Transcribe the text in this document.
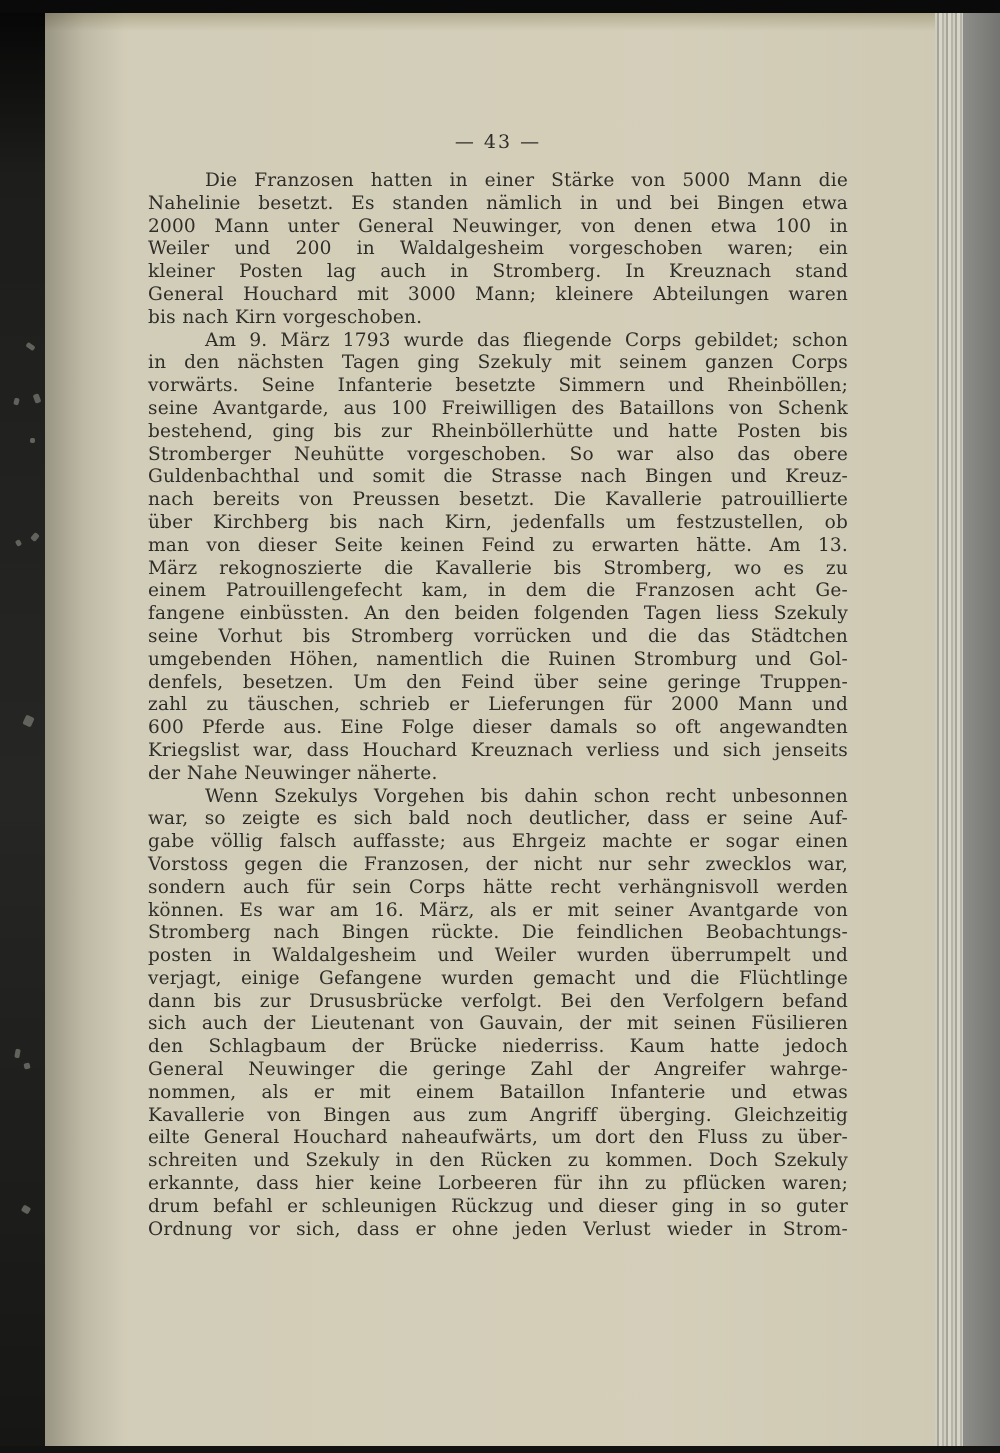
— 43 —
Die Franzosen hatten in einer Stärke von 5000 Mann die
Nahelinie besetzt. Es standen nämlich in und bei Bingen etwa
2000 Mann unter General Neuwinger, von denen etwa 100 in
Weiler und 200 in Waldalgesheim vorgeschoben waren; ein
kleiner Posten lag auch in Stromberg. In Kreuznach stand
General Houchard mit 3000 Mann; kleinere Abteilungen waren
bis nach Kirn vorgeschoben.
Am 9. März 1793 wurde das fliegende Corps gebildet; schon
in den nächsten Tagen ging Szekuly mit seinem ganzen Corps
vorwärts. Seine Infanterie besetzte Simmern und Rheinböllen;
seine Avantgarde, aus 100 Freiwilligen des Bataillons von Schenk
bestehend, ging bis zur Rheinböllerhütte und hatte Posten bis
Stromberger Neuhütte vorgeschoben. So war also das obere
Guldenbachthal und somit die Strasse nach Bingen und Kreuz-
nach bereits von Preussen besetzt. Die Kavallerie patrouillierte
über Kirchberg bis nach Kirn, jedenfalls um festzustellen, ob
man von dieser Seite keinen Feind zu erwarten hätte. Am 13.
März rekognoszierte die Kavallerie bis Stromberg, wo es zu
einem Patrouillengefecht kam, in dem die Franzosen acht Ge-
fangene einbüssten. An den beiden folgenden Tagen liess Szekuly
seine Vorhut bis Stromberg vorrücken und die das Städtchen
umgebenden Höhen, namentlich die Ruinen Stromburg und Gol-
denfels, besetzen. Um den Feind über seine geringe Truppen-
zahl zu täuschen, schrieb er Lieferungen für 2000 Mann und
600 Pferde aus. Eine Folge dieser damals so oft angewandten
Kriegslist war, dass Houchard Kreuznach verliess und sich jenseits
der Nahe Neuwinger näherte.
Wenn Szekulys Vorgehen bis dahin schon recht unbesonnen
war, so zeigte es sich bald noch deutlicher, dass er seine Auf-
gabe völlig falsch auffasste; aus Ehrgeiz machte er sogar einen
Vorstoss gegen die Franzosen, der nicht nur sehr zwecklos war,
sondern auch für sein Corps hätte recht verhängnisvoll werden
können. Es war am 16. März, als er mit seiner Avantgarde von
Stromberg nach Bingen rückte. Die feindlichen Beobachtungs-
posten in Waldalgesheim und Weiler wurden überrumpelt und
verjagt, einige Gefangene wurden gemacht und die Flüchtlinge
dann bis zur Drususbrücke verfolgt. Bei den Verfolgern befand
sich auch der Lieutenant von Gauvain, der mit seinen Füsilieren
den Schlagbaum der Brücke niederriss. Kaum hatte jedoch
General Neuwinger die geringe Zahl der Angreifer wahrge-
nommen, als er mit einem Bataillon Infanterie und etwas
Kavallerie von Bingen aus zum Angriff überging. Gleichzeitig
eilte General Houchard naheaufwärts, um dort den Fluss zu über-
schreiten und Szekuly in den Rücken zu kommen. Doch Szekuly
erkannte, dass hier keine Lorbeeren für ihn zu pflücken waren;
drum befahl er schleunigen Rückzug und dieser ging in so guter
Ordnung vor sich, dass er ohne jeden Verlust wieder in Strom-
